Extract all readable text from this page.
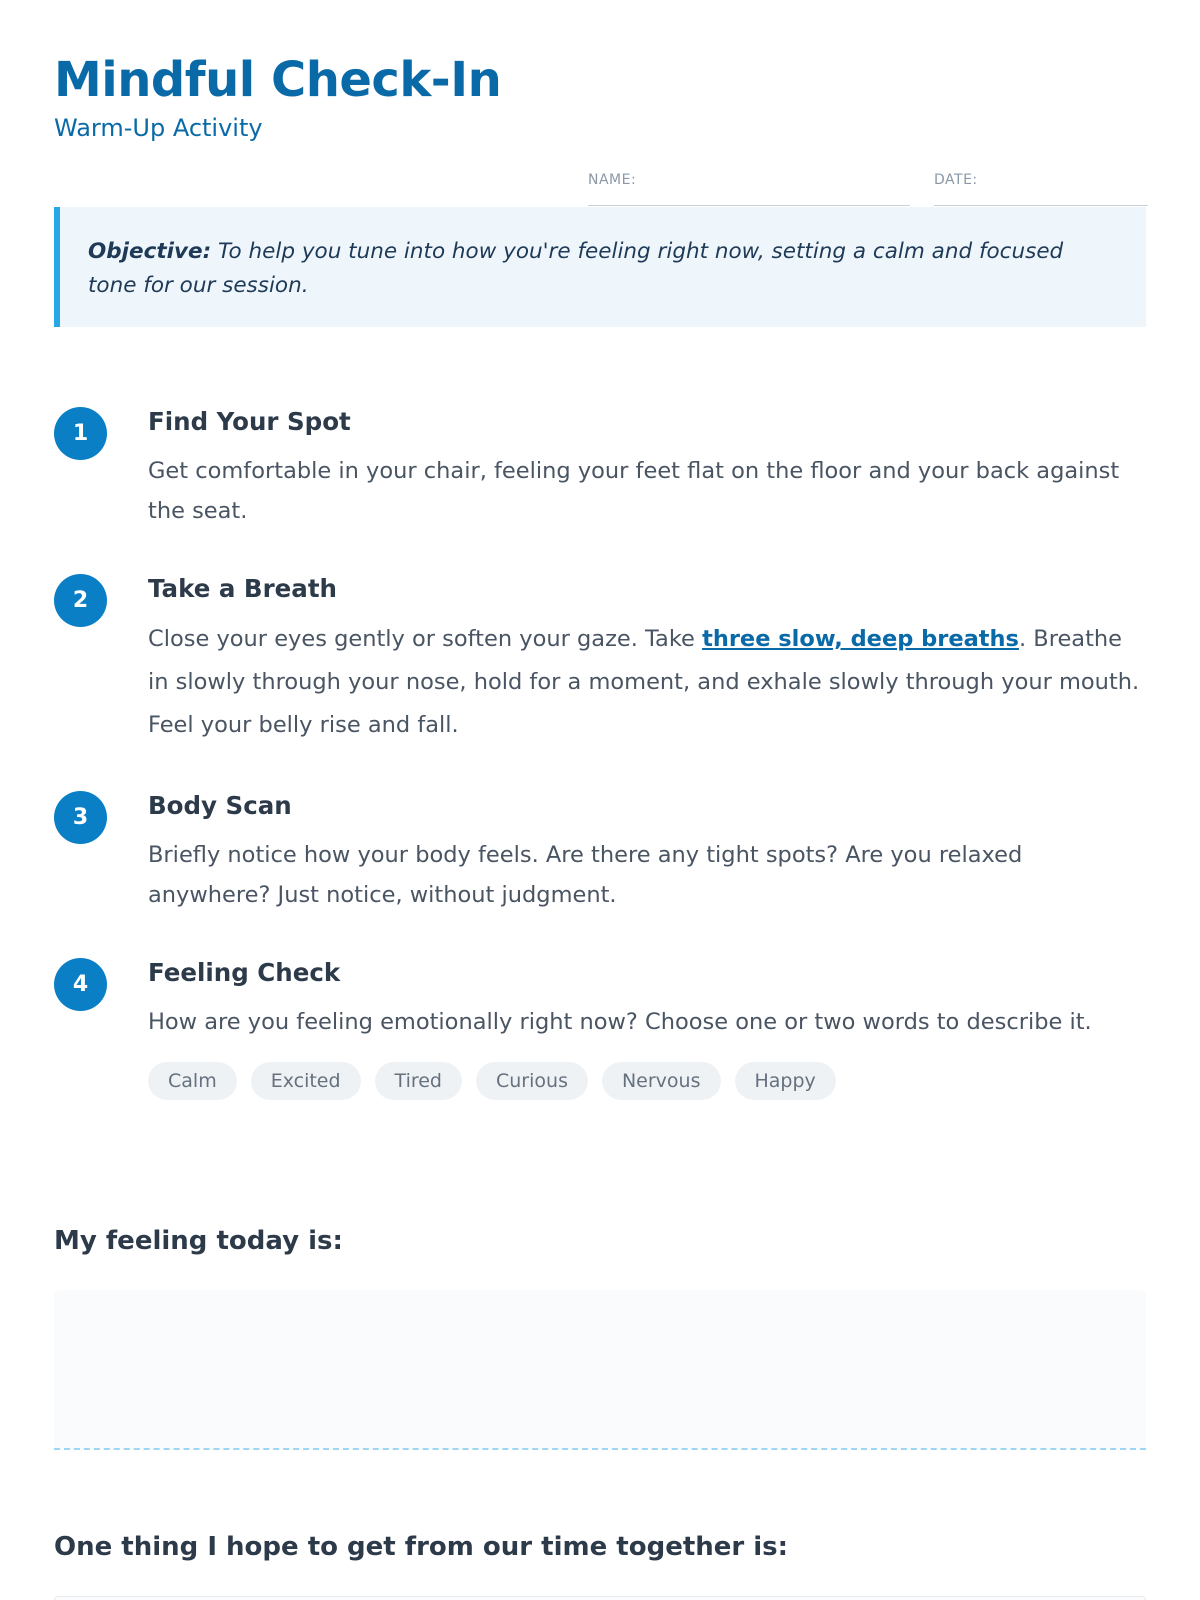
Mindful Check-In
Warm-Up Activity
NAME:	DATE:

Objective: To help you tune into how you're feeling right now, setting a calm and focused tone for our session.

1	Find Your Spot
Get comfortable in your chair, feeling your feet flat on the floor and your back against the seat.
2	Take a Breath
Close your eyes gently or soften your gaze. Take three slow, deep breaths. Breathe in slowly through your nose, hold for a moment, and exhale slowly through your mouth. Feel your belly rise and fall.
3	Body Scan
Briefly notice how your body feels. Are there any tight spots? Are you relaxed anywhere? Just notice, without judgment.
4	Feeling Check
How are you feeling emotionally right now? Choose one or two words to describe it.
Calm	Excited	Tired	Curious	Nervous	Happy
My feeling today is:
One thing I hope to get from our time together is:
